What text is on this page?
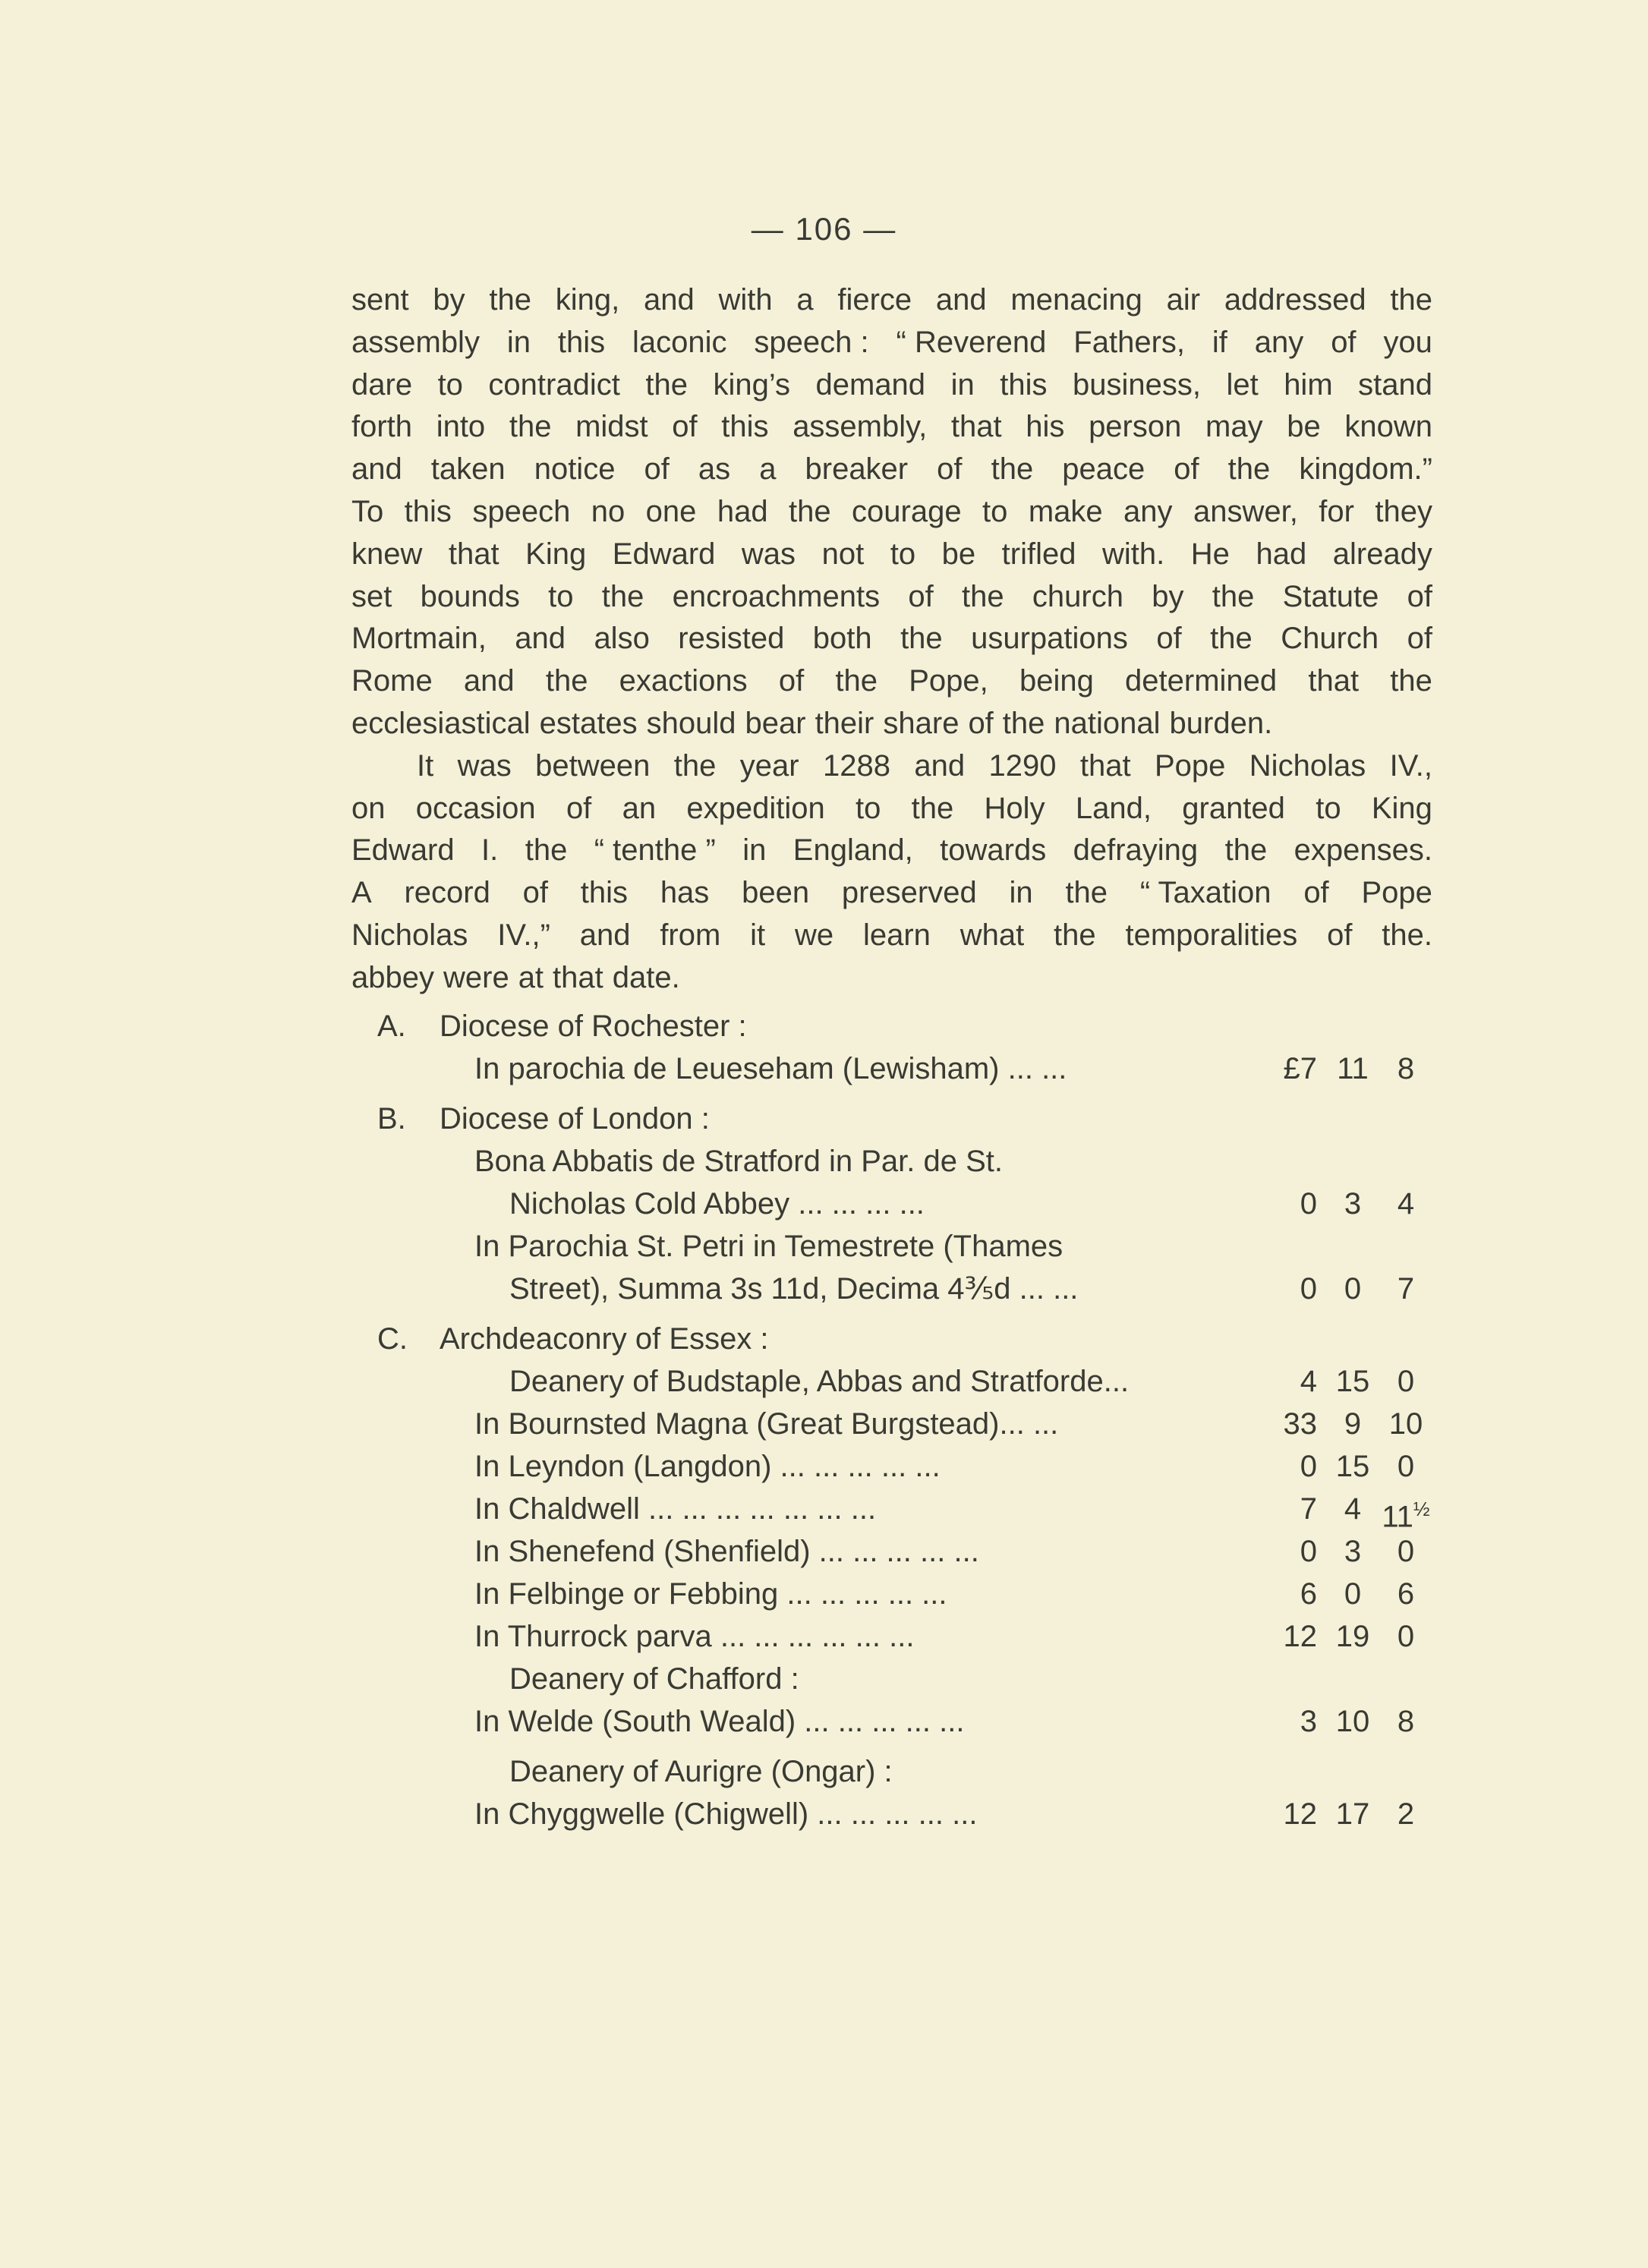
— 106 —
sent by the king, and with a fierce and menacing air addressed the
assembly in this laconic speech : “ Reverend Fathers, if any of you
dare to contradict the king’s demand in this business, let him stand
forth into the midst of this assembly, that his person may be known
and taken notice of as a breaker of the peace of the kingdom.”
To this speech no one had the courage to make any answer, for they
knew that King Edward was not to be trifled with. He had already
set bounds to the encroachments of the church by the Statute of
Mortmain, and also resisted both the usurpations of the Church of
Rome and the exactions of the Pope, being determined that the
ecclesiastical estates should bear their share of the national burden.
It was between the year 1288 and 1290 that Pope Nicholas IV.,
on occasion of an expedition to the Holy Land, granted to King
Edward I. the “ tenthe ” in England, towards defraying the expenses.
A record of this has been preserved in the “ Taxation of Pope
Nicholas IV.,” and from it we learn what the temporalities of the.
abbey were at that date.
A.	Diocese of Rochester :
In parochia de Leueseham (Lewisham) ... ...	£7 11 8
B.	Diocese of London :
Bona Abbatis de Stratford in Par. de St.
Nicholas Cold Abbey ... ... ... ...	0 3	4
In Parochia St. Petri in Temestrete (Thames
Street), Summa 3s 11d, Decima 4⅗d ... ...	0 0	7
C.	Archdeaconry of Essex :
Deanery of Budstaple, Abbas and Stratforde...	4 15 0
In Bournsted Magna (Great Burgstead)... ...	33 9 10
In Leyndon (Langdon) ... ... ... ... ...	0 15 0
In Chaldwell ... ... ... ... ... ... ...	7 4 $11^{\frac{1}{2}}$
In Shenefend (Shenfield) ... ... ... ... ...	0 3	0
In Felbinge or Febbing ... ... ... ... ...	6 0	6
In Thurrock parva ... ... ... ... ... ...	12 19 0
Deanery of Chafford :
In Welde (South Weald) ... ... ... ... ...	3 10 8
Deanery of Aurigre (Ongar) :
In Chyggwelle (Chigwell) ... ... ... ... ...	12 17 2
